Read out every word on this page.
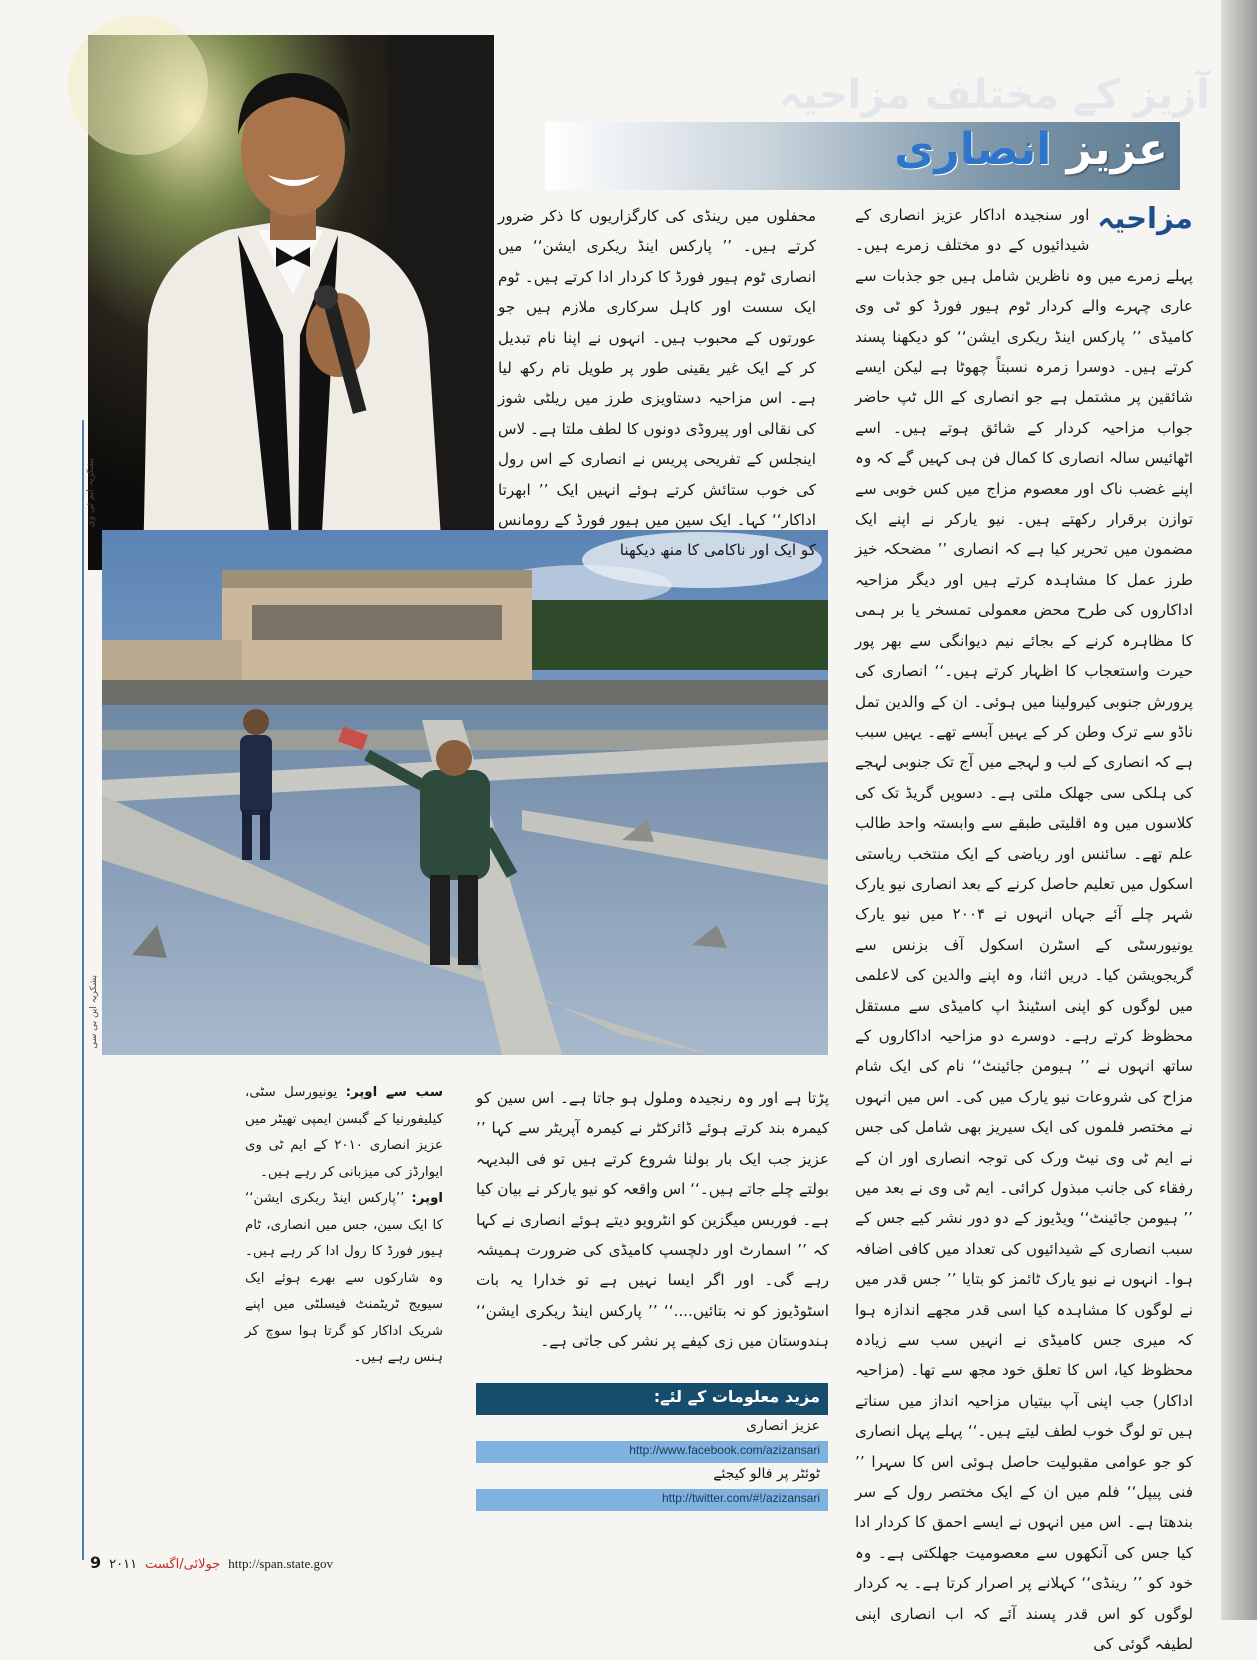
آزیز کے مختلف مزاحیہ
عزیز انصاری
بشکریہ ایم ٹی وی
بشکریہ این بی سی
مزاحیہ
اور سنجیدہ اداکار عزیز انصاری کے شیدائیوں کے دو مختلف زمرے ہیں۔ پہلے زمرے میں وہ ناظرین شامل ہیں جو جذبات سے عاری چہرے والے کردار ٹوم ہیور فورڈ کو ٹی وی کامیڈی ’’ پارکس اینڈ ریکری ایشن‘‘ کو دیکھنا پسند کرتے ہیں۔ دوسرا زمرہ نسبتاً چھوٹا ہے لیکن ایسے شائقین پر مشتمل ہے جو انصاری کے الل ٹپ حاضر جواب مزاحیہ کردار کے شائق ہوتے ہیں۔ اسے اٹھائیس سالہ انصاری کا کمال فن ہی کہیں گے کہ وہ اپنے غضب ناک اور معصوم مزاج میں کس خوبی سے توازن برقرار رکھتے ہیں۔ نیو یارکر نے اپنے ایک مضمون میں تحریر کیا ہے کہ انصاری ’’ مضحکہ خیز طرز عمل کا مشاہدہ کرتے ہیں اور دیگر مزاحیہ اداکاروں کی طرح محض معمولی تمسخر یا بر ہمی کا مظاہرہ کرنے کے بجائے نیم دیوانگی سے بھر پور حیرت واستعجاب کا اظہار کرتے ہیں۔‘‘ انصاری کی پرورش جنوبی کیرولینا میں ہوئی۔ ان کے والدین تمل ناڈو سے ترک وطن کر کے یہیں آبسے تھے۔ یہیں سبب ہے کہ انصاری کے لب و لہجے میں آج تک جنوبی لہجے کی ہلکی سی جھلک ملتی ہے۔ دسویں گریڈ تک کی کلاسوں میں وہ اقلیتی طبقے سے وابستہ واحد طالب علم تھے۔ سائنس اور ریاضی کے ایک منتخب ریاستی اسکول میں تعلیم حاصل کرنے کے بعد انصاری نیو یارک شہر چلے آئے جہاں انہوں نے ۲۰۰۴ میں نیو یارک یونیورسٹی کے اسٹرن اسکول آف بزنس سے گریجویشن کیا۔ دریں اثنا، وہ اپنے والدین کی لاعلمی میں لوگوں کو اپنی اسٹینڈ اپ کامیڈی سے مستقل محظوظ کرتے رہے۔ دوسرے دو مزاحیہ اداکاروں کے ساتھ انہوں نے ’’ ہیومن جائینٹ‘‘ نام کی ایک شام مزاح کی شروعات نیو یارک میں کی۔ اس میں انہوں نے مختصر فلموں کی ایک سیریز بھی شامل کی جس نے ایم ٹی وی نیٹ ورک کی توجہ انصاری اور ان کے رفقاء کی جانب مبذول کرائی۔ ایم ٹی وی نے بعد میں ’’ ہیومن جائینٹ‘‘ ویڈیوز کے دو دور نشر کیے جس کے سبب انصاری کے شیدائیوں کی تعداد میں کافی اضافہ ہوا۔ انہوں نے نیو یارک ٹائمز کو بتایا ’’ جس قدر میں نے لوگوں کا مشاہدہ کیا اسی قدر مجھے اندازہ ہوا کہ میری جس کامیڈی نے انہیں سب سے زیادہ محظوظ کیا، اس کا تعلق خود مجھ سے تھا۔ (مزاحیہ اداکار) جب اپنی آپ بیتیاں مزاحیہ انداز میں سناتے ہیں تو لوگ خوب لطف لیتے ہیں۔‘‘ پہلے پہل انصاری کو جو عوامی مقبولیت حاصل ہوئی اس کا سہرا ’’ فنی پیپل‘‘ فلم میں ان کے ایک مختصر رول کے سر بندھتا ہے۔ اس میں انہوں نے ایسے احمق کا کردار ادا کیا جس کی آنکھوں سے معصومیت جھلکتی ہے۔ وہ خود کو ’’ رینڈی‘‘ کہلانے پر اصرار کرتا ہے۔ یہ کردار لوگوں کو اس قدر پسند آئے کہ اب انصاری اپنی لطیفہ گوئی کی
محفلوں میں رینڈی کی کارگزاریوں کا ذکر ضرور کرتے ہیں۔ ’’ پارکس اینڈ ریکری ایشن‘‘ میں انصاری ٹوم ہیور فورڈ کا کردار ادا کرتے ہیں۔ ٹوم ایک سست اور کاہل سرکاری ملازم ہیں جو عورتوں کے محبوب ہیں۔ انہوں نے اپنا نام تبدیل کر کے ایک غیر یقینی طور پر طویل نام رکھ لیا ہے۔ اس مزاحیہ دستاویزی طرز میں ریلٹی شوز کی نقالی اور پیروڈی دونوں کا لطف ملتا ہے۔ لاس اینجلس کے تفریحی پریس نے انصاری کے اس رول کی خوب ستائش کرتے ہوئے انہیں ایک ’’ ابھرتا اداکار‘‘ کہا۔ ایک سین میں ہیور فورڈ کے رومانس کو ایک اور ناکامی کا منھ دیکھنا
پڑتا ہے اور وہ رنجیدہ وملول ہو جاتا ہے۔ اس سین کو کیمرہ بند کرتے ہوئے ڈائرکٹر نے کیمرہ آپریٹر سے کہا ’’ عزیز جب ایک بار بولنا شروع کرتے ہیں تو فی البدیہہ بولتے چلے جاتے ہیں۔‘‘ اس واقعہ کو نیو یارکر نے بیان کیا ہے۔ فوربس میگزین کو انٹرویو دیتے ہوئے انصاری نے کہا کہ ’’ اسمارٹ اور دلچسپ کامیڈی کی ضرورت ہمیشہ رہے گی۔ اور اگر ایسا نہیں ہے تو خدارا یہ بات اسٹوڈیوز کو نہ بتائیں....‘‘ ’’ پارکس اینڈ ریکری ایشن‘‘ ہندوستان میں زی کیفے پر نشر کی جاتی ہے۔
سب سے اوپر: یونیورسل سٹی، کیلیفورنیا کے گبسن ایمپی تھیٹر میں عزیز انصاری ۲۰۱۰ کے ایم ٹی وی ایوارڈز کی میزبانی کر رہے ہیں۔
اوپر: ’’پارکس اینڈ ریکری ایشن‘‘ کا ایک سین، جس میں انصاری، ٹام ہیور فورڈ کا رول ادا کر رہے ہیں۔ وہ شارکوں سے بھرے ہوئے ایک سیویج ٹریٹمنٹ فیسلٹی میں اپنے شریک اداکار کو گرتا ہوا سوچ کر ہنس رہے ہیں۔
مزید معلومات کے لئے:
عزیز انصاری
http://www.facebook.com/azizansari
ٹوئٹر پر فالو کیجئے
http://twitter.com/#!/azizansari
9 ۲۰۱۱ جولائی/اگست http://span.state.gov
